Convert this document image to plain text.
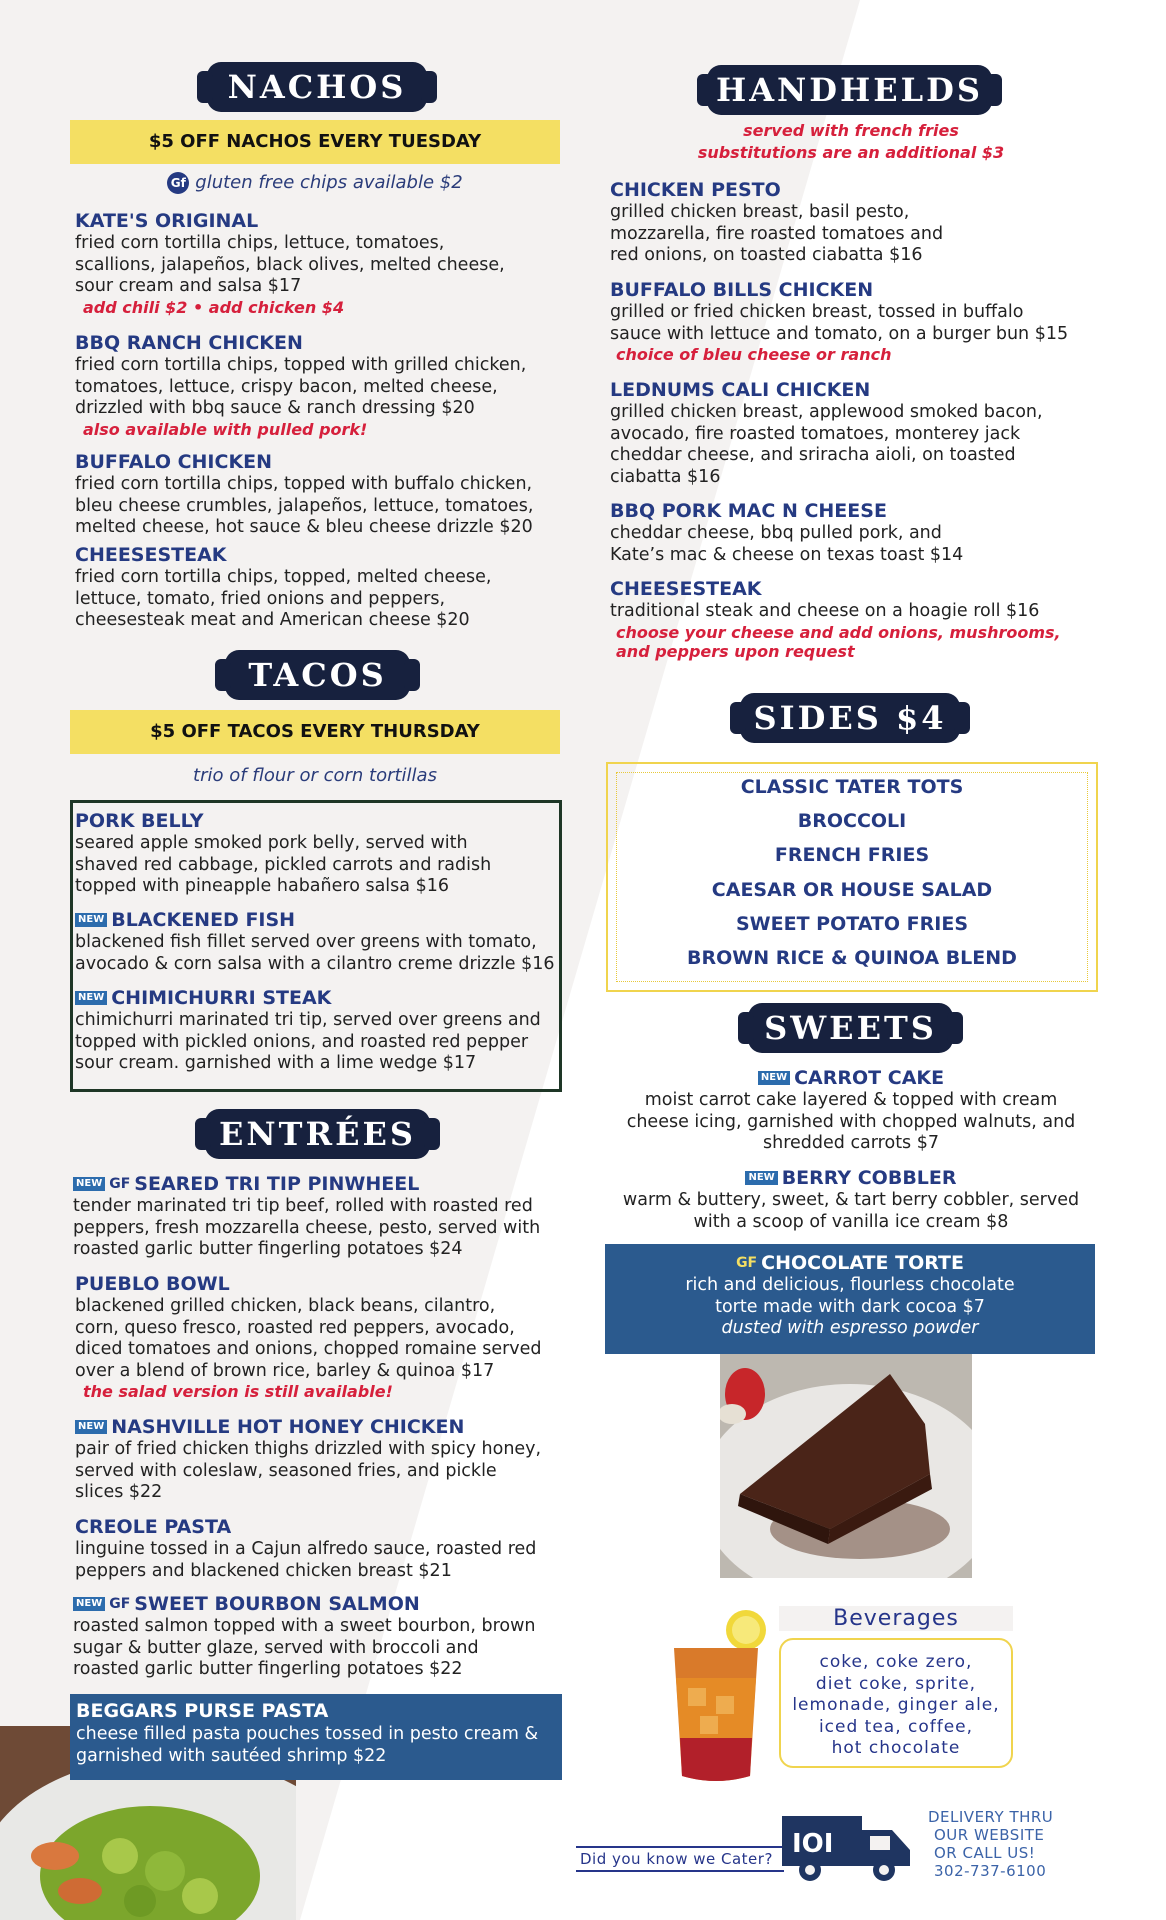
NACHOS
$5 OFF NACHOS EVERY TUESDAY
Gf gluten free chips available $2
KATE'S ORIGINAL
fried corn tortilla chips, lettuce, tomatoes,
scallions, jalapeños, black olives, melted cheese,
sour cream and salsa $17
add chili $2 • add chicken $4
BBQ RANCH CHICKEN
fried corn tortilla chips, topped with grilled chicken,
tomatoes, lettuce, crispy bacon, melted cheese,
drizzled with bbq sauce & ranch dressing $20
also available with pulled pork!
BUFFALO CHICKEN
fried corn tortilla chips, topped with buffalo chicken,
bleu cheese crumbles, jalapeños, lettuce, tomatoes,
melted cheese, hot sauce & bleu cheese drizzle $20
CHEESESTEAK
fried corn tortilla chips, topped, melted cheese,
lettuce, tomato, fried onions and peppers,
cheesesteak meat and American cheese $20
TACOS
$5 OFF TACOS EVERY THURSDAY
trio of flour or corn tortillas
PORK BELLY
seared apple smoked pork belly, served with
shaved red cabbage, pickled carrots and radish
topped with pineapple habañero salsa $16
NEW BLACKENED FISH
blackened fish fillet served over greens with tomato,
avocado & corn salsa with a cilantro creme drizzle $16
NEW CHIMICHURRI STEAK
chimichurri marinated tri tip, served over greens and
topped with pickled onions, and roasted red pepper
sour cream. garnished with a lime wedge $17
ENTRÉES
NEW GF SEARED TRI TIP PINWHEEL
tender marinated tri tip beef, rolled with roasted red
peppers, fresh mozzarella cheese, pesto, served with
roasted garlic butter fingerling potatoes $24
PUEBLO BOWL
blackened grilled chicken, black beans, cilantro,
corn, queso fresco, roasted red peppers, avocado,
diced tomatoes and onions, chopped romaine served
over a blend of brown rice, barley & quinoa $17
the salad version is still available!
NEW NASHVILLE HOT HONEY CHICKEN
pair of fried chicken thighs drizzled with spicy honey,
served with coleslaw, seasoned fries, and pickle
slices $22
CREOLE PASTA
linguine tossed in a Cajun alfredo sauce, roasted red
peppers and blackened chicken breast $21
NEW GF SWEET BOURBON SALMON
roasted salmon topped with a sweet bourbon, brown
sugar & butter glaze, served with broccoli and
roasted garlic butter fingerling potatoes $22
BEGGARS PURSE PASTA
cheese filled pasta pouches tossed in pesto cream &
garnished with sautéed shrimp $22
HANDHELDS
served with french fries
substitutions are an additional $3
CHICKEN PESTO
grilled chicken breast, basil pesto,
mozzarella, fire roasted tomatoes and
red onions, on toasted ciabatta $16
BUFFALO BILLS CHICKEN
grilled or fried chicken breast, tossed in buffalo
sauce with lettuce and tomato, on a burger bun $15
choice of bleu cheese or ranch
LEDNUMS CALI CHICKEN
grilled chicken breast, applewood smoked bacon,
avocado, fire roasted tomatoes, monterey jack
cheddar cheese, and sriracha aioli, on toasted
ciabatta $16
BBQ PORK MAC N CHEESE
cheddar cheese, bbq pulled pork, and
Kate’s mac & cheese on texas toast $14
CHEESESTEAK
traditional steak and cheese on a hoagie roll $16
choose your cheese and add onions, mushrooms,
and peppers upon request
SIDES $4
CLASSIC TATER TOTS
BROCCOLI
FRENCH FRIES
CAESAR OR HOUSE SALAD
SWEET POTATO FRIES
BROWN RICE & QUINOA BLEND
SWEETS
NEW CARROT CAKE
moist carrot cake layered & topped with cream
cheese icing, garnished with chopped walnuts, and
shredded carrots $7
NEW BERRY COBBLER
warm & buttery, sweet, & tart berry cobbler, served
with a scoop of vanilla ice cream $8
GF CHOCOLATE TORTE
rich and delicious, flourless chocolate
torte made with dark cocoa $7
dusted with espresso powder
coke, coke zero,
diet coke, sprite,
lemonade, ginger ale,
iced tea, coffee,
hot chocolate
Beverages
Did you know we Cater? IOI
DELIVERY THRU
OUR WEBSITE
OR CALL US!
302-737-6100
